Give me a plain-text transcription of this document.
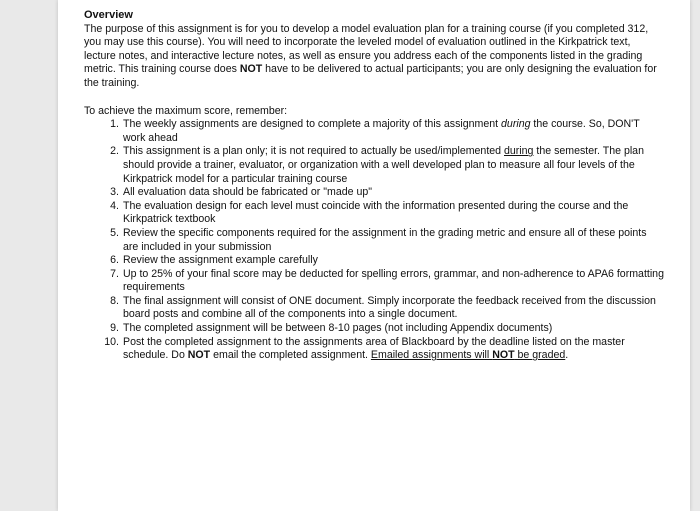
Overview

The purpose of this assignment is for you to develop a model evaluation plan for a training course (if you completed 312, you may use this course). You will need to incorporate the leveled model of evaluation outlined in the Kirkpatrick text, lecture notes, and interactive lecture notes, as well as ensure you address each of the components listed in the grading metric. This training course does NOT have to be delivered to actual participants; you are only designing the evaluation for the training.

To achieve the maximum score, remember:

1. The weekly assignments are designed to complete a majority of this assignment during the course. So, DON'T work ahead
2. This assignment is a plan only; it is not required to actually be used/implemented during the semester. The plan should provide a trainer, evaluator, or organization with a well developed plan to measure all four levels of the Kirkpatrick model for a particular training course
3. All evaluation data should be fabricated or "made up"
4. The evaluation design for each level must coincide with the information presented during the course and the Kirkpatrick textbook
5. Review the specific components required for the assignment in the grading metric and ensure all of these points are included in your submission
6. Review the assignment example carefully
7. Up to 25% of your final score may be deducted for spelling errors, grammar, and non-adherence to APA6 formatting requirements
8. The final assignment will consist of ONE document. Simply incorporate the feedback received from the discussion board posts and combine all of the components into a single document.
9. The completed assignment will be between 8-10 pages (not including Appendix documents)
10. Post the completed assignment to the assignments area of Blackboard by the deadline listed on the master schedule. Do NOT email the completed assignment. Emailed assignments will NOT be graded.
